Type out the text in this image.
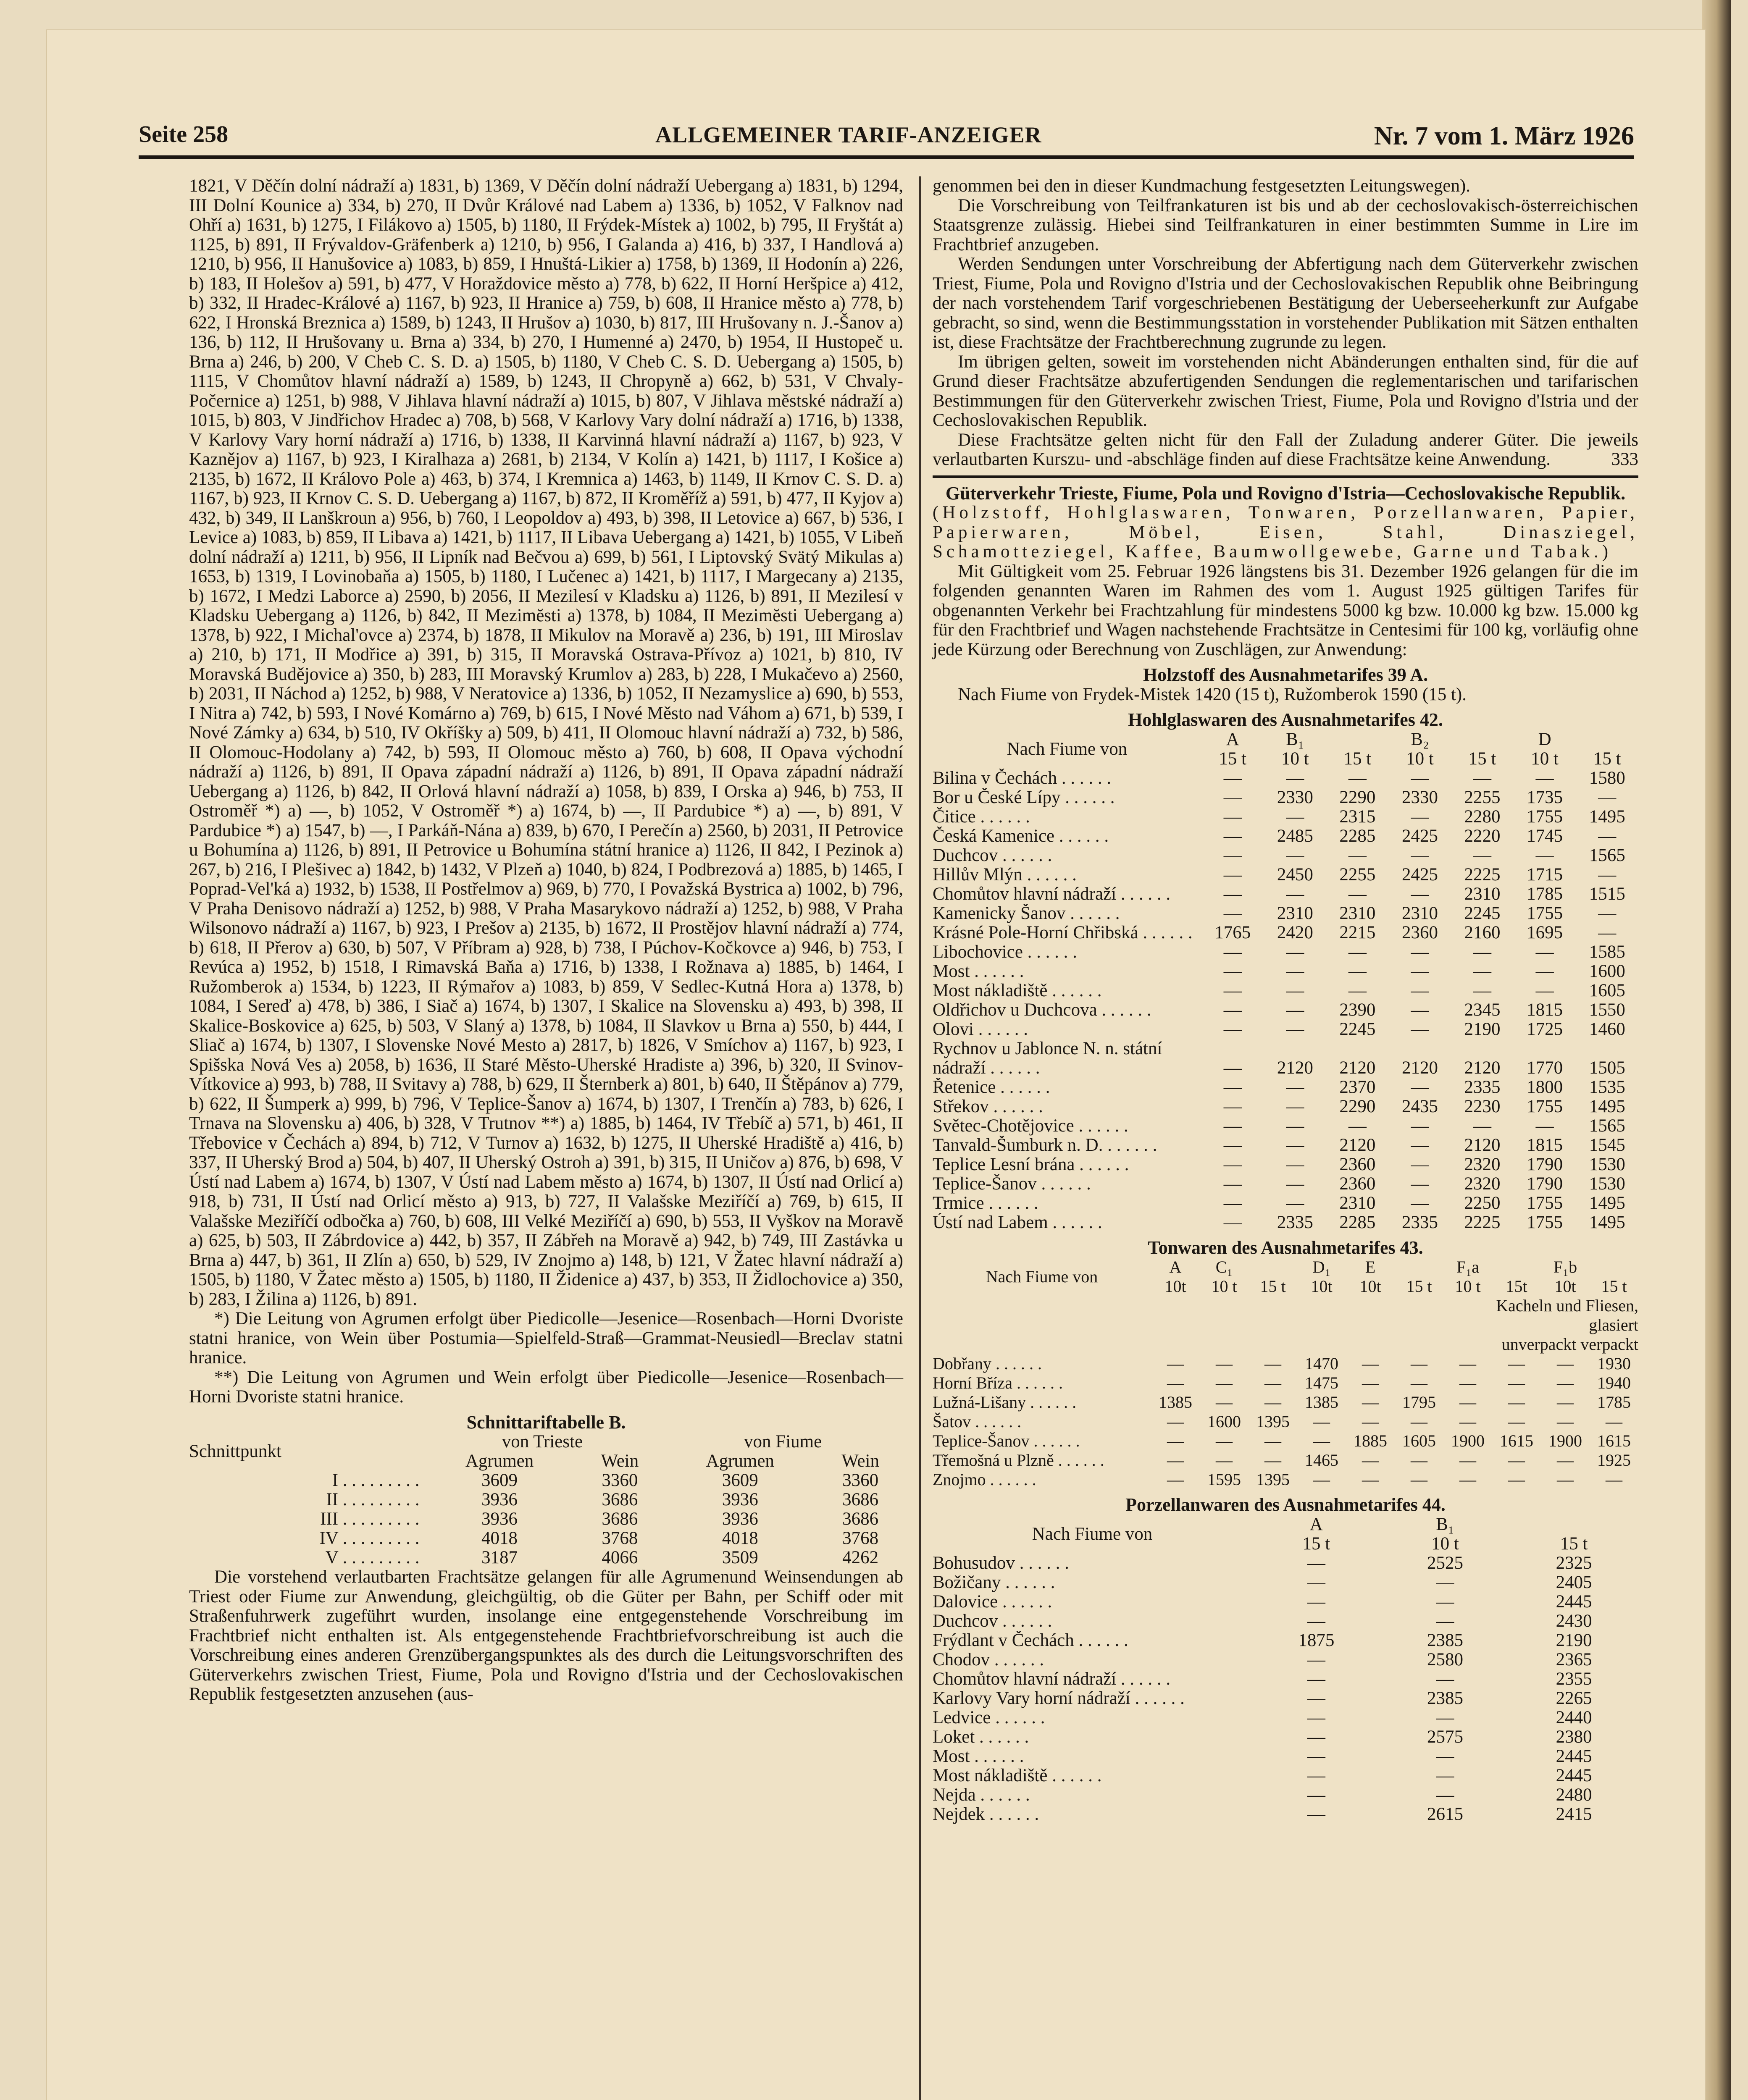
Seite 258	ALLGEMEINER TARIF-ANZEIGER	Nr. 7 vom 1. März 1926

1821, V Děčín dolní nádraží a) 1831, b) 1369, V Děčín dolní nádraží Uebergang a) 1831, b) 1294, III Dolní Kounice a) 334, b) 270, II Dvůr Králové nad Labem a) 1336, b) 1052, V Falknov nad Ohří a) 1631, b) 1275, I Filákovo a) 1505, b) 1180, II Frýdek-Místek a) 1002, b) 795, II Fryštát a) 1125, b) 891, II Frývaldov-Gräfenberk a) 1210, b) 956, I Galanda a) 416, b) 337, I Handlová a) 1210, b) 956, II Hanušovice a) 1083, b) 859, I Hnuštá-Likier a) 1758, b) 1369, II Hodonín a) 226, b) 183, II Holešov a) 591, b) 477, V Horaždovice město a) 778, b) 622, II Horní Heršpice a) 412, b) 332, II Hradec-Králové a) 1167, b) 923, II Hranice a) 759, b) 608, II Hranice město a) 778, b) 622, I Hronská Breznica a) 1589, b) 1243, II Hrušov a) 1030, b) 817, III Hrušovany n. J.-Šanov a) 136, b) 112, II Hrušovany u. Brna a) 334, b) 270, I Humenné a) 2470, b) 1954, II Hustopeč u. Brna a) 246, b) 200, V Cheb C. S. D. a) 1505, b) 1180, V Cheb C. S. D. Uebergang a) 1505, b) 1115, V Chomůtov hlavní nádraží a) 1589, b) 1243, II Chropyně a) 662, b) 531, V Chvaly-Počernice a) 1251, b) 988, V Jihlava hlavní nádraží a) 1015, b) 807, V Jihlava městské nádraží a) 1015, b) 803, V Jindřichov Hradec a) 708, b) 568, V Karlovy Vary dolní nádraží a) 1716, b) 1338, V Karlovy Vary horní nádraží a) 1716, b) 1338, II Karvinná hlavní nádraží a) 1167, b) 923, V Kaznějov a) 1167, b) 923, I Kiralhaza a) 2681, b) 2134, V Kolín a) 1421, b) 1117, I Košice a) 2135, b) 1672, II Královo Pole a) 463, b) 374, I Kremnica a) 1463, b) 1149, II Krnov C. S. D. a) 1167, b) 923, II Krnov C. S. D. Uebergang a) 1167, b) 872, II Kroměříž a) 591, b) 477, II Kyjov a) 432, b) 349, II Lanškroun a) 956, b) 760, I Leopoldov a) 493, b) 398, II Letovice a) 667, b) 536, I Levice a) 1083, b) 859, II Libava a) 1421, b) 1117, II Libava Uebergang a) 1421, b) 1055, V Libeň dolní nádraží a) 1211, b) 956, II Lipník nad Bečvou a) 699, b) 561, I Liptovský Svätý Mikulas a) 1653, b) 1319, I Lovinobaňa a) 1505, b) 1180, I Lučenec a) 1421, b) 1117, I Margecany a) 2135, b) 1672, I Medzi Laborce a) 2590, b) 2056, II Mezilesí v Kladsku a) 1126, b) 891, II Mezilesí v Kladsku Uebergang a) 1126, b) 842, II Mezimĕsti a) 1378, b) 1084, II Mezimĕsti Uebergang a) 1378, b) 922, I Michal'ovce a) 2374, b) 1878, II Mikulov na Moravě a) 236, b) 191, III Miroslav a) 210, b) 171, II Modřice a) 391, b) 315, II Moravská Ostrava-Přívoz a) 1021, b) 810, IV Moravská Budějovice a) 350, b) 283, III Moravský Krumlov a) 283, b) 228, I Mukačevo a) 2560, b) 2031, II Náchod a) 1252, b) 988, V Neratovice a) 1336, b) 1052, II Nezamyslice a) 690, b) 553, I Nitra a) 742, b) 593, I Nové Komárno a) 769, b) 615, I Nové Město nad Váhom a) 671, b) 539, I Nové Zámky a) 634, b) 510, IV Okříšky a) 509, b) 411, II Olomouc hlavní nádraží a) 732, b) 586, II Olomouc-Hodolany a) 742, b) 593, II Olomouc město a) 760, b) 608, II Opava východní nádraží a) 1126, b) 891, II Opava západní nádraží a) 1126, b) 891, II Opava západní nádraží Uebergang a) 1126, b) 842, II Orlová hlavní nádraží a) 1058, b) 839, I Orska a) 946, b) 753, II Ostroměř *) a) —, b) 1052, V Ostroměř *) a) 1674, b) —, II Pardubice *) a) —, b) 891, V Pardubice *) a) 1547, b) —, I Parkáň-Nána a) 839, b) 670, I Perečín a) 2560, b) 2031, II Petrovice u Bohumína a) 1126, b) 891, II Petrovice u Bohumína státní hranice a) 1126, II 842, I Pezinok a) 267, b) 216, I Plešivec a) 1842, b) 1432, V Plzeň a) 1040, b) 824, I Podbrezová a) 1885, b) 1465, I Poprad-Vel'ká a) 1932, b) 1538, II Postřelmov a) 969, b) 770, I Považská Bystrica a) 1002, b) 796, V Praha Denisovo nádraží a) 1252, b) 988, V Praha Masarykovo nádraží a) 1252, b) 988, V Praha Wilsonovo nádraží a) 1167, b) 923, I Prešov a) 2135, b) 1672, II Prostějov hlavní nádraží a) 774, b) 618, II Přerov a) 630, b) 507, V Příbram a) 928, b) 738, I Púchov-Kočkovce a) 946, b) 753, I Revúca a) 1952, b) 1518, I Rimavská Baňa a) 1716, b) 1338, I Rožnava a) 1885, b) 1464, I Ružomberok a) 1534, b) 1223, II Rýmařov a) 1083, b) 859, V Sedlec-Kutná Hora a) 1378, b) 1084, I Sereď a) 478, b) 386, I Siač a) 1674, b) 1307, I Skalice na Slovensku a) 493, b) 398, II Skalice-Boskovice a) 625, b) 503, V Slaný a) 1378, b) 1084, II Slavkov u Brna a) 550, b) 444, I Sliač a) 1674, b) 1307, I Slovenske Nové Mesto a) 2817, b) 1826, V Smíchov a) 1167, b) 923, I Spišska Nová Ves a) 2058, b) 1636, II Staré Město-Uherské Hradiste a) 396, b) 320, II Svinov-Vítkovice a) 993, b) 788, II Svitavy a) 788, b) 629, II Šternberk a) 801, b) 640, II Štěpánov a) 779, b) 622, II Šumperk a) 999, b) 796, V Teplice-Šanov a) 1674, b) 1307, I Trenčín a) 783, b) 626, I Trnava na Slovensku a) 406, b) 328, V Trutnov **) a) 1885, b) 1464, IV Třebíč a) 571, b) 461, II Třebovice v Čechách a) 894, b) 712, V Turnov a) 1632, b) 1275, II Uherské Hradiště a) 416, b) 337, II Uherský Brod a) 504, b) 407, II Uherský Ostroh a) 391, b) 315, II Uničov a) 876, b) 698, V Ústí nad Labem a) 1674, b) 1307, V Ústí nad Labem město a) 1674, b) 1307, II Ústí nad Orlicí a) 918, b) 731, II Ústí nad Orlicí město a) 913, b) 727, II Valašske Meziříčí a) 769, b) 615, II Valašske Meziříčí odbočka a) 760, b) 608, III Velké Meziříčí a) 690, b) 553, II Vyškov na Moravě a) 625, b) 503, II Zábrdovice a) 442, b) 357, II Zábřeh na Moravě a) 942, b) 749, III Zastávka u Brna a) 447, b) 361, II Zlín a) 650, b) 529, IV Znojmo a) 148, b) 121, V Žatec hlavní nádraží a) 1505, b) 1180, V Žatec město a) 1505, b) 1180, II Židenice a) 437, b) 353, II Židlochovice a) 350, b) 283, I Žilina a) 1126, b) 891.

*) Die Leitung von Agrumen erfolgt über Piedicolle—Jesenice—Rosenbach—Horni Dvoriste statni hranice, von Wein über Postumia—Spielfeld-Straß—Grammat-Neusiedl—Breclav statni hranice.

**) Die Leitung von Agrumen und Wein erfolgt über Piedicolle—Jesenice—Rosenbach—Horni Dvoriste statni hranice.

Schnittariftabelle B.
Schnittpunkt	von Trieste		von Fiume	
	Agrumen	Wein	Agrumen	Wein
I . . . . . . . . .	3609	3360	3609	3360
II . . . . . . . . .	3936	3686	3936	3686
III . . . . . . . . .	3936	3686	3936	3686
IV . . . . . . . . .	4018	3768	4018	3768
V . . . . . . . . .	3187	4066	3509	4262

Die vorstehend verlautbarten Frachtsätze gelangen für alle Agrumenund Weinsendungen ab Triest oder Fiume zur Anwendung, gleichgültig, ob die Güter per Bahn, per Schiff oder mit Straßenfuhrwerk zugeführt wurden, insolange eine entgegenstehende Vorschreibung im Frachtbrief nicht enthalten ist. Als entgegenstehende Frachtbriefvorschreibung ist auch die Vorschreibung eines anderen Grenzübergangspunktes als des durch die Leitungsvorschriften des Güterverkehrs zwischen Triest, Fiume, Pola und Rovigno d'Istria und der Cechoslovakischen Republik festgesetzten anzusehen (aus-

genommen bei den in dieser Kundmachung festgesetzten Leitungswegen).

Die Vorschreibung von Teilfrankaturen ist bis und ab der cechoslovakisch-österreichischen Staatsgrenze zulässig. Hiebei sind Teilfrankaturen in einer bestimmten Summe in Lire im Frachtbrief anzugeben.

Werden Sendungen unter Vorschreibung der Abfertigung nach dem Güterverkehr zwischen Triest, Fiume, Pola und Rovigno d'Istria und der Cechoslovakischen Republik ohne Beibringung der nach vorstehendem Tarif vorgeschriebenen Bestätigung der Ueberseeherkunft zur Aufgabe gebracht, so sind, wenn die Bestimmungsstation in vorstehender Publikation mit Sätzen enthalten ist, diese Frachtsätze der Frachtberechnung zugrunde zu legen.

Im übrigen gelten, soweit im vorstehenden nicht Abänderungen enthalten sind, für die auf Grund dieser Frachtsätze abzufertigenden Sendungen die reglementarischen und tarifarischen Bestimmungen für den Güterverkehr zwischen Triest, Fiume, Pola und Rovigno d'Istria und der Cechoslovakischen Republik.

Diese Frachtsätze gelten nicht für den Fall der Zuladung anderer Güter. Die jeweils verlautbarten Kurszu- und -abschläge finden auf diese Frachtsätze keine Anwendung.	333

Güterverkehr Trieste, Fiume, Pola und Rovigno d'Istria—Cechoslovakische Republik.

(Holzstoff, Hohlglaswaren, Tonwaren, Porzellanwaren, Papier, Papierwaren, Möbel, Eisen, Stahl, Dinasziegel, Schamotteziegel, Kaffee, Baumwollgewebe, Garne und Tabak.)

Mit Gültigkeit vom 25. Februar 1926 längstens bis 31. Dezember 1926 gelangen für die im folgenden genannten Waren im Rahmen des vom 1. August 1925 gültigen Tarifes für obgenannten Verkehr bei Frachtzahlung für mindestens 5000 kg bzw. 10.000 kg bzw. 15.000 kg für den Frachtbrief und Wagen nachstehende Frachtsätze in Centesimi für 100 kg, vorläufig ohne jede Kürzung oder Berechnung von Zuschlägen, zur Anwendung:

Holzstoff des Ausnahmetarifes 39 A.

Nach Fiume von Frydek-Mistek 1420 (15 t), Ružomberok 1590 (15 t).

Hohlglaswaren des Ausnahmetarifes 42.
Nach Fiume von	A	B₁		B₂		D	
	15 t	10 t	15 t	10 t	15 t	10 t	15 t
Bilina v Čechách . . . . . .	—	—	—	—	—	—	1580
Bor u České Lípy . . . . . .	—	2330	2290	2330	2255	1735	—
Čitice . . . . . .	—	—	2315	—	2280	1755	1495
Česká Kamenice . . . . . .	—	2485	2285	2425	2220	1745	—
Duchcov . . . . . .	—	—	—	—	—	—	1565
Hillův Mlýn . . . . . .	—	2450	2255	2425	2225	1715	—
Chomůtov hlavní nádraží . . . . . .	—	—	—	—	2310	1785	1515
Kamenicky Šanov . . . . . .	—	2310	2310	2310	2245	1755	—
Krásné Pole-Horní Chřibská . . . . . .	1765	2420	2215	2360	2160	1695	—
Libochovice . . . . . .	—	—	—	—	—	—	1585
Most . . . . . .	—	—	—	—	—	—	1600
Most nákladiště . . . . . .	—	—	—	—	—	—	1605
Oldřichov u Duchcova . . . . . .	—	—	2390	—	2345	1815	1550
Olovi . . . . . .	—	—	2245	—	2190	1725	1460
Rychnov u Jablonce N. n. státní							
nádraží . . . . . .	—	2120	2120	2120	2120	1770	1505
Řetenice . . . . . .	—	—	2370	—	2335	1800	1535
Střekov . . . . . .	—	—	2290	2435	2230	1755	1495
Světec-Chotějovice . . . . . .	—	—	—	—	—	—	1565
Tanvald-Šumburk n. D. . . . . . .	—	—	2120	—	2120	1815	1545
Teplice Lesní brána . . . . . .	—	—	2360	—	2320	1790	1530
Teplice-Šanov . . . . . .	—	—	2360	—	2320	1790	1530
Trmice . . . . . .	—	—	2310	—	2250	1755	1495
Ústí nad Labem . . . . . .	—	2335	2285	2335	2225	1755	1495
Tonwaren des Ausnahmetarifes 43.
Nach Fiume von	A	C₁		D₁	E		F₁a		F₁b	
	10t	10 t	15 t	10t	10t	15 t	10 t	15t	10t	15 t
Kacheln und Fliesen,										
glasiert										
unverpackt verpackt										
Dobřany . . . . . .	—	—	—	1470	—	—	—	—	—	1930
Horní Bříza . . . . . .	—	—	—	1475	—	—	—	—	—	1940
Lužná-Lišany . . . . . .	1385	—	—	1385	—	1795	—	—	—	1785
Šatov . . . . . .	—	1600	1395	—	—	—	—	—	—	—
Teplice-Šanov . . . . . .	—	—	—	—	1885	1605	1900	1615	1900	1615
Třemošná u Plzně . . . . . .	—	—	—	1465	—	—	—	—	—	1925
Znojmo . . . . . .	—	1595	1395	—	—	—	—	—	—	—
Porzellanwaren des Ausnahmetarifes 44.
Nach Fiume von	A	B₁	
	15 t	10 t	15 t
Bohusudov . . . . . .	—	2525	2325
Božičany . . . . . .	—	—	2405
Dalovice . . . . . .	—	—	2445
Duchcov . . . . . .	—	—	2430
Frýdlant v Čechách . . . . . .	1875	2385	2190
Chodov . . . . . .	—	2580	2365
Chomůtov hlavní nádraží . . . . . .	—	—	2355
Karlovy Vary horní nádraží . . . . . .	—	2385	2265
Ledvice . . . . . .	—	—	2440
Loket . . . . . .	—	2575	2380
Most . . . . . .	—	—	2445
Most nákladiště . . . . . .	—	—	2445
Nejda . . . . . .	—	—	2480
Nejdek . . . . . .	—	2615	2415
